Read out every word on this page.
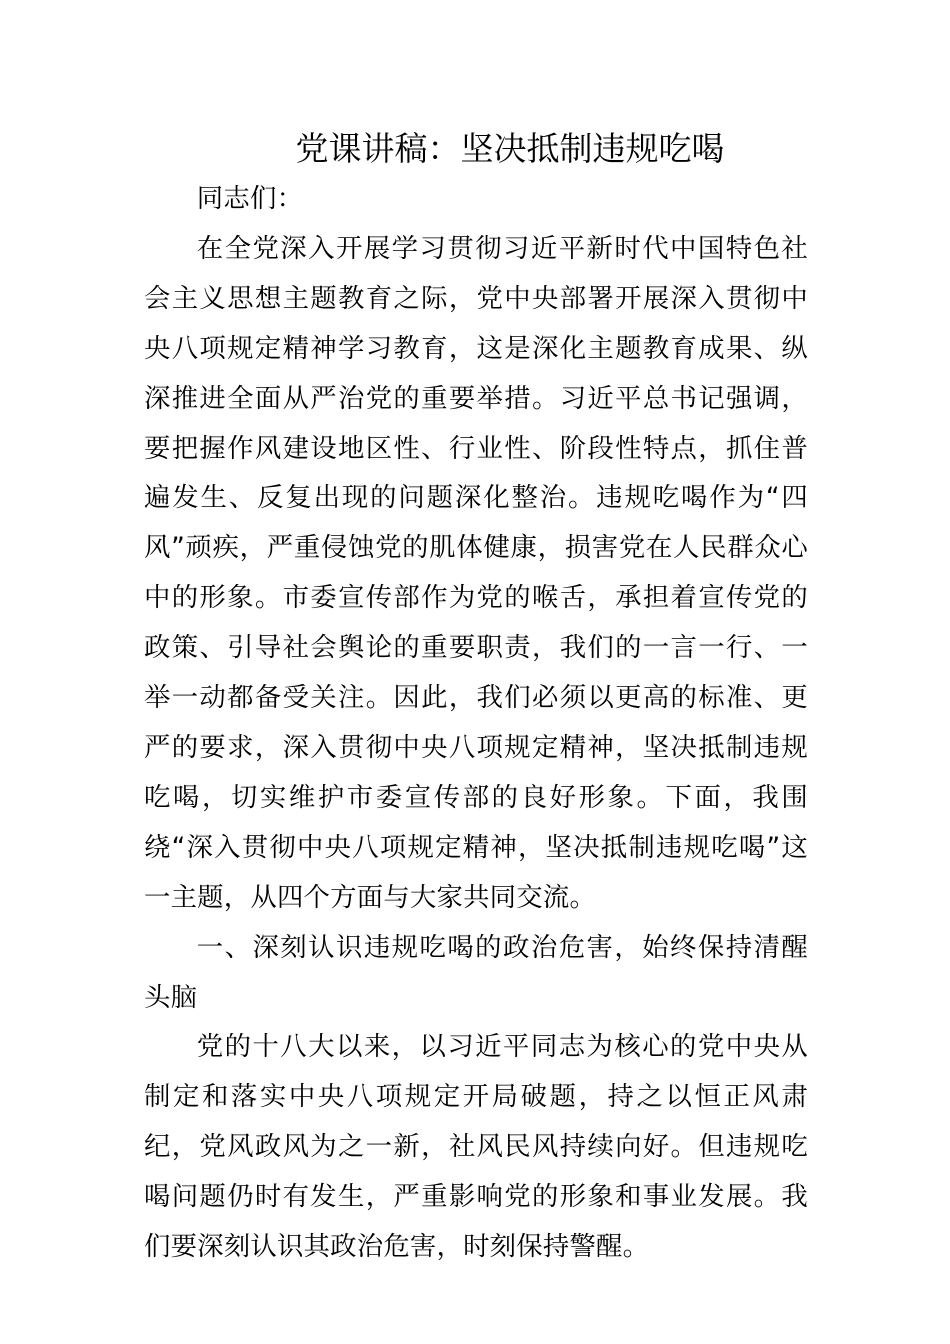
党课讲稿：坚决抵制违规吃喝

同志们：

在全党深入开展学习贯彻习近平新时代中国特色社会主义思想主题教育之际，党中央部署开展深入贯彻中央八项规定精神学习教育，这是深化主题教育成果、纵深推进全面从严治党的重要举措。习近平总书记强调，要把握作风建设地区性、行业性、阶段性特点，抓住普遍发生、反复出现的问题深化整治。违规吃喝作为“四风”顽疾，严重侵蚀党的肌体健康，损害党在人民群众心中的形象。市委宣传部作为党的喉舌，承担着宣传党的政策、引导社会舆论的重要职责，我们的一言一行、一举一动都备受关注。因此，我们必须以更高的标准、更严的要求，深入贯彻中央八项规定精神，坚决抵制违规吃喝，切实维护市委宣传部的良好形象。下面，我围绕“深入贯彻中央八项规定精神，坚决抵制违规吃喝”这一主题，从四个方面与大家共同交流。

一、深刻认识违规吃喝的政治危害，始终保持清醒头脑

党的十八大以来，以习近平同志为核心的党中央从制定和落实中央八项规定开局破题，持之以恒正风肃纪，党风政风为之一新，社风民风持续向好。但违规吃喝问题仍时有发生，严重影响党的形象和事业发展。我们要深刻认识其政治危害，时刻保持警醒。
